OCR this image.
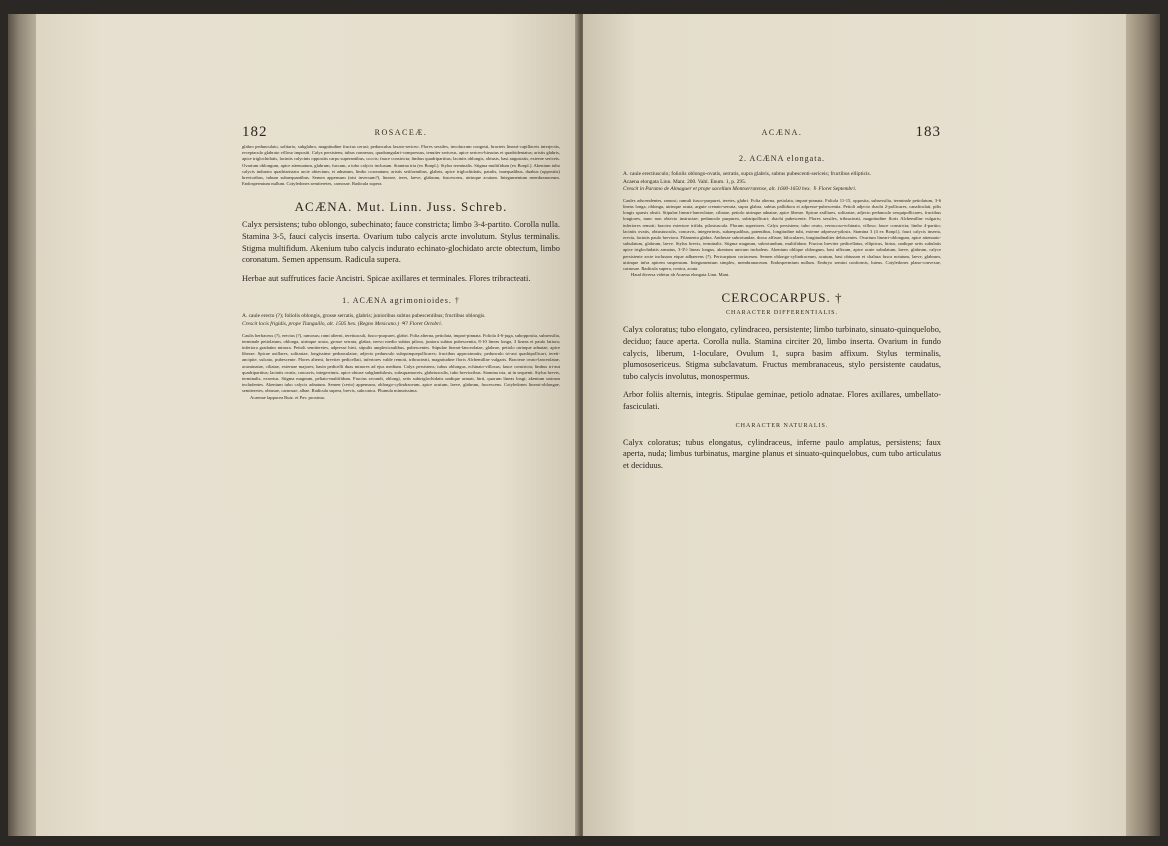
182	ROSACEÆ.

glabro pedunculato, solitario, subglabro, magnitudine fructus cerasi; pedunculus laxato-sericeo. Flores sessiles, involucrum congesti, bracteis lineari-capillaceis interjectis, receptaculo glabrato villoso impositi. Calyx persistens; tubus connexus, quadrangulari-compressus, tenuiter sericeus, apice sericeo-hirsutus et quadridentatus; aristis glabris, apice triglochidatis, laciniis calycinis oppositis carpo superantibus, coccis; fauce constricta; limbus quadripartitus; laciniis oblongis, obtusis, basi angustatis, externe sericeis. Ovarium oblongum, apice attenuatum, glabrum, fuscum, a tubo calycis inclusum. Stamina tria (ex Bonpl.). Stylus terminalis. Stigma multifidum (ex Bonpl.). Akenium tubo calycis indurato quadriaristato arcte obtectum, ei adnatum, limbo coronatum; aristis setiformibus, glabris, apice triglochidatis, patulis, inaequalibus, duabus (oppositis) brevioribus, tubum subaequantibus. Semen appensum (nisi inversum?), lineare, teres, laeve, glabrum, fuscescens, utrinque acutum. Integumentum membranaceum. Endospermium nullum. Cotyledones semiteretes, carnosae. Radicula supera.

ACÆNA. Mut. Linn. Juss. Schreb.

Calyx persistens; tubo oblongo, subechinato; fauce constricta; limbo 3-4-partito. Corolla nulla. Stamina 3-5, fauci calycis inserta. Ovarium tubo calycis arcte involutum. Stylus terminalis. Stigma multifidum. Akenium tubo calycis indurato echinato-glochidato arcte obtectum, limbo coronatum. Semen appensum. Radicula supera.

Herbae aut suffrutices facie Ancistri. Spicae axillares et terminales. Flores tribracteati.

1. ACÆNA agrimonioides. †

A. caule erecto (?); foliolis oblongis, grosse serratis, glabris; junioribus subtus pubescentibus; fructibus oblongis.

Crescit locis frigidis, prope Tianguillo, alt. 1505 hex. (Regno Mexicano.) ♃? Floret Octobri.

Caulis herbaceus (?), erectus (?), ramosus; rami alterni, teretiusculi, fusco-purpurei, glabri. Folia alterna, petiolata, impari-pinnata. Foliola 4-6-juga, subopposita, subsessilia, terminale petiolatum, oblonga, utrinque acuta, grosse serrata, glabra, nervo medio subtus piloso, juniora subtus pubescentia, 8-10 lineas longa, 3 lineas et paulo latiora; inferiora gradatim minora. Petioli semiteretes, adpresse hirti, stipulis amplexicaulibus, pubescentes. Stipulae lineari-lanceolatae, glabrae, petiolo utrinque adnatae, apice liberae. Spicae axillares, solitariae, longissime pedunculatae, adjecto pedunculo subquinquepollicares; fructibus approximatis; pedunculo tri-aut quadripollicari, tereti-ancipite, sulcato, pubescente. Flores alterni, breviter pedicellati, inferiores valde remoti, tribracteati, magnitudine floris Alchemillae vulgaris. Bracteae ovato-lanceolatae, acuminatae, ciliatae, externae majores; basin pedicelli duas minores ad ejus medium. Calyx persistens; tubus oblongus, echinato-villosus; fauce constricta; limbus tri-aut quadripartitus; laciniis ovatis, concavis, integerrimis, apice obtuse subglandulosis, subsquamaceis, glabriusculis, tubo brevioribus. Stamina tria, ut in sequenti. Stylus brevis, terminalis, exsertus. Stigma magnum, peltato-multifidum. Fructus secundi, oblongi, setis subtriglochidatis undique armati, hirti, quorum lineas longi; akenium unicum includentes. Akenium tubo calycis adnatum. Semen (certo) appensum, oblongo-cylindraceum, apice acutum, laeve, glabrum, fuscescens. Cotyledones lineari-oblongae, semiteretes, obtusae, carnosae, albae. Radicula supera, brevis, subconica. Plumula minutissima.

Acaenae lappacea Ruiz. et Pav. proxima.

ACÆNA.	183
2. ACÆNA elongata.

A. caule erectiusculo; foliolis oblongo-ovatis, serratis, supra glabris, subtus pubescenti-sericeis; fructibus ellipticis.

Acaena elongata Linn. Mant. 200. Vahl. Enum. 1, p. 295.

Crescit in Paramo de Almaguer et prope sacellum Montserratense, alt. 1600-1650 hex. ♄ Floret Septembri.

Caules adscendentes, ramosi; ramuli fusco-purpurei, teretes, glabri. Folia alterna, petiolata, impari-pinnata. Foliola 11-15, opposita, subsessilia, terminale petiolatum, 3-6 lineas longa, oblonga, utrinque acuta, argute crenato-serrata, supra glabra, subtus pallidiora et adpresse-pubescentia. Petioli adjecto rhachi 2-pollicares, canaliculati, pilis longis sparsis obsiti. Stipulae lineari-lanceolatae, ciliatae, petiolo utrinque adnatae, apice liberae. Spicae axillares, solitariae, adjecto pedunculo sesquipollicares, fructibus longiores, nunc non obtecto instructae; pedunculo purpureo, subtripollicari; rhachi pubescente. Flores sessiles, tribracteati, magnitudine floris Alchemillae vulgaris; inferiores remoti; bractea exteriore trifida, pilosiuscula. Florum superiores. Calyx persistens; tubo ovato, verrucoso-echinato, villoso; fauce constricta; limbo 4-partito; laciniis ovatis, obtusiusculis, concavis, integerrimis, subaequalibus, patentibus, longitudine tubi, externe adpresse-pilosis. Stamina 3 (4 ex Bonpl.), fauci calycis inserta, erecta, laciniis paulo breviora. Filamenta glabra. Antherae subrotundae, dorso affixae, biloculares, longitudinaliter dehiscentes. Ovarium lineari-oblongum, apice attenuato-subulatum, glabrum, laeve. Stylus brevis, terminalis. Stigma magnum, subrotundum, multifidum. Fructus breviter pedicellatus, ellipticus, hirtus, undique setis subulatis apice triglochidatis armatus, 3-3½ lineas longus, akenium unicum includens. Akenium oblique oblongum, basi affixum, apice acute subulatum, laeve, glabrum, calyce persistente arcte inclusum eique adhaerens (?). Pericarpium coriaceum. Semen oblongo-cylindraceum, acutum, basi obtusum et chalaza fusca notatum, laeve, glabrum, utrinque infra apicem suspensum. Integumentum simplex, membranaceum. Endospermium nullum. Embryo semini conformis, luteus. Cotyledones plano-convexae, carnosae. Radicula supera, conica, acuta.

Haud diversa videtur ab Acaena elongata Linn. Mant.

CERCOCARPUS. †
CHARACTER DIFFERENTIALIS.

Calyx coloratus; tubo elongato, cylindraceo, persistente; limbo turbinato, sinuato-quinquelobo, deciduo; fauce aperta. Corolla nulla. Stamina circiter 20, limbo inserta. Ovarium in fundo calycis, liberum, 1-loculare, Ovulum 1, supra basim affixum. Stylus terminalis, plumososericeus. Stigma subclavatum. Fructus membranaceus, stylo persistente caudatus, tubo calycis involutus, monospermus.

Arbor foliis alternis, integris. Stipulae geminae, petiolo adnatae. Flores axillares, umbellato-fasciculati.

CHARACTER NATURALIS.

Calyx coloratus; tubus elongatus, cylindraceus, inferne paulo amplatus, persistens; faux aperta, nuda; limbus turbinatus, margine planus et sinuato-quinquelobus, cum tubo articulatus et deciduus.
